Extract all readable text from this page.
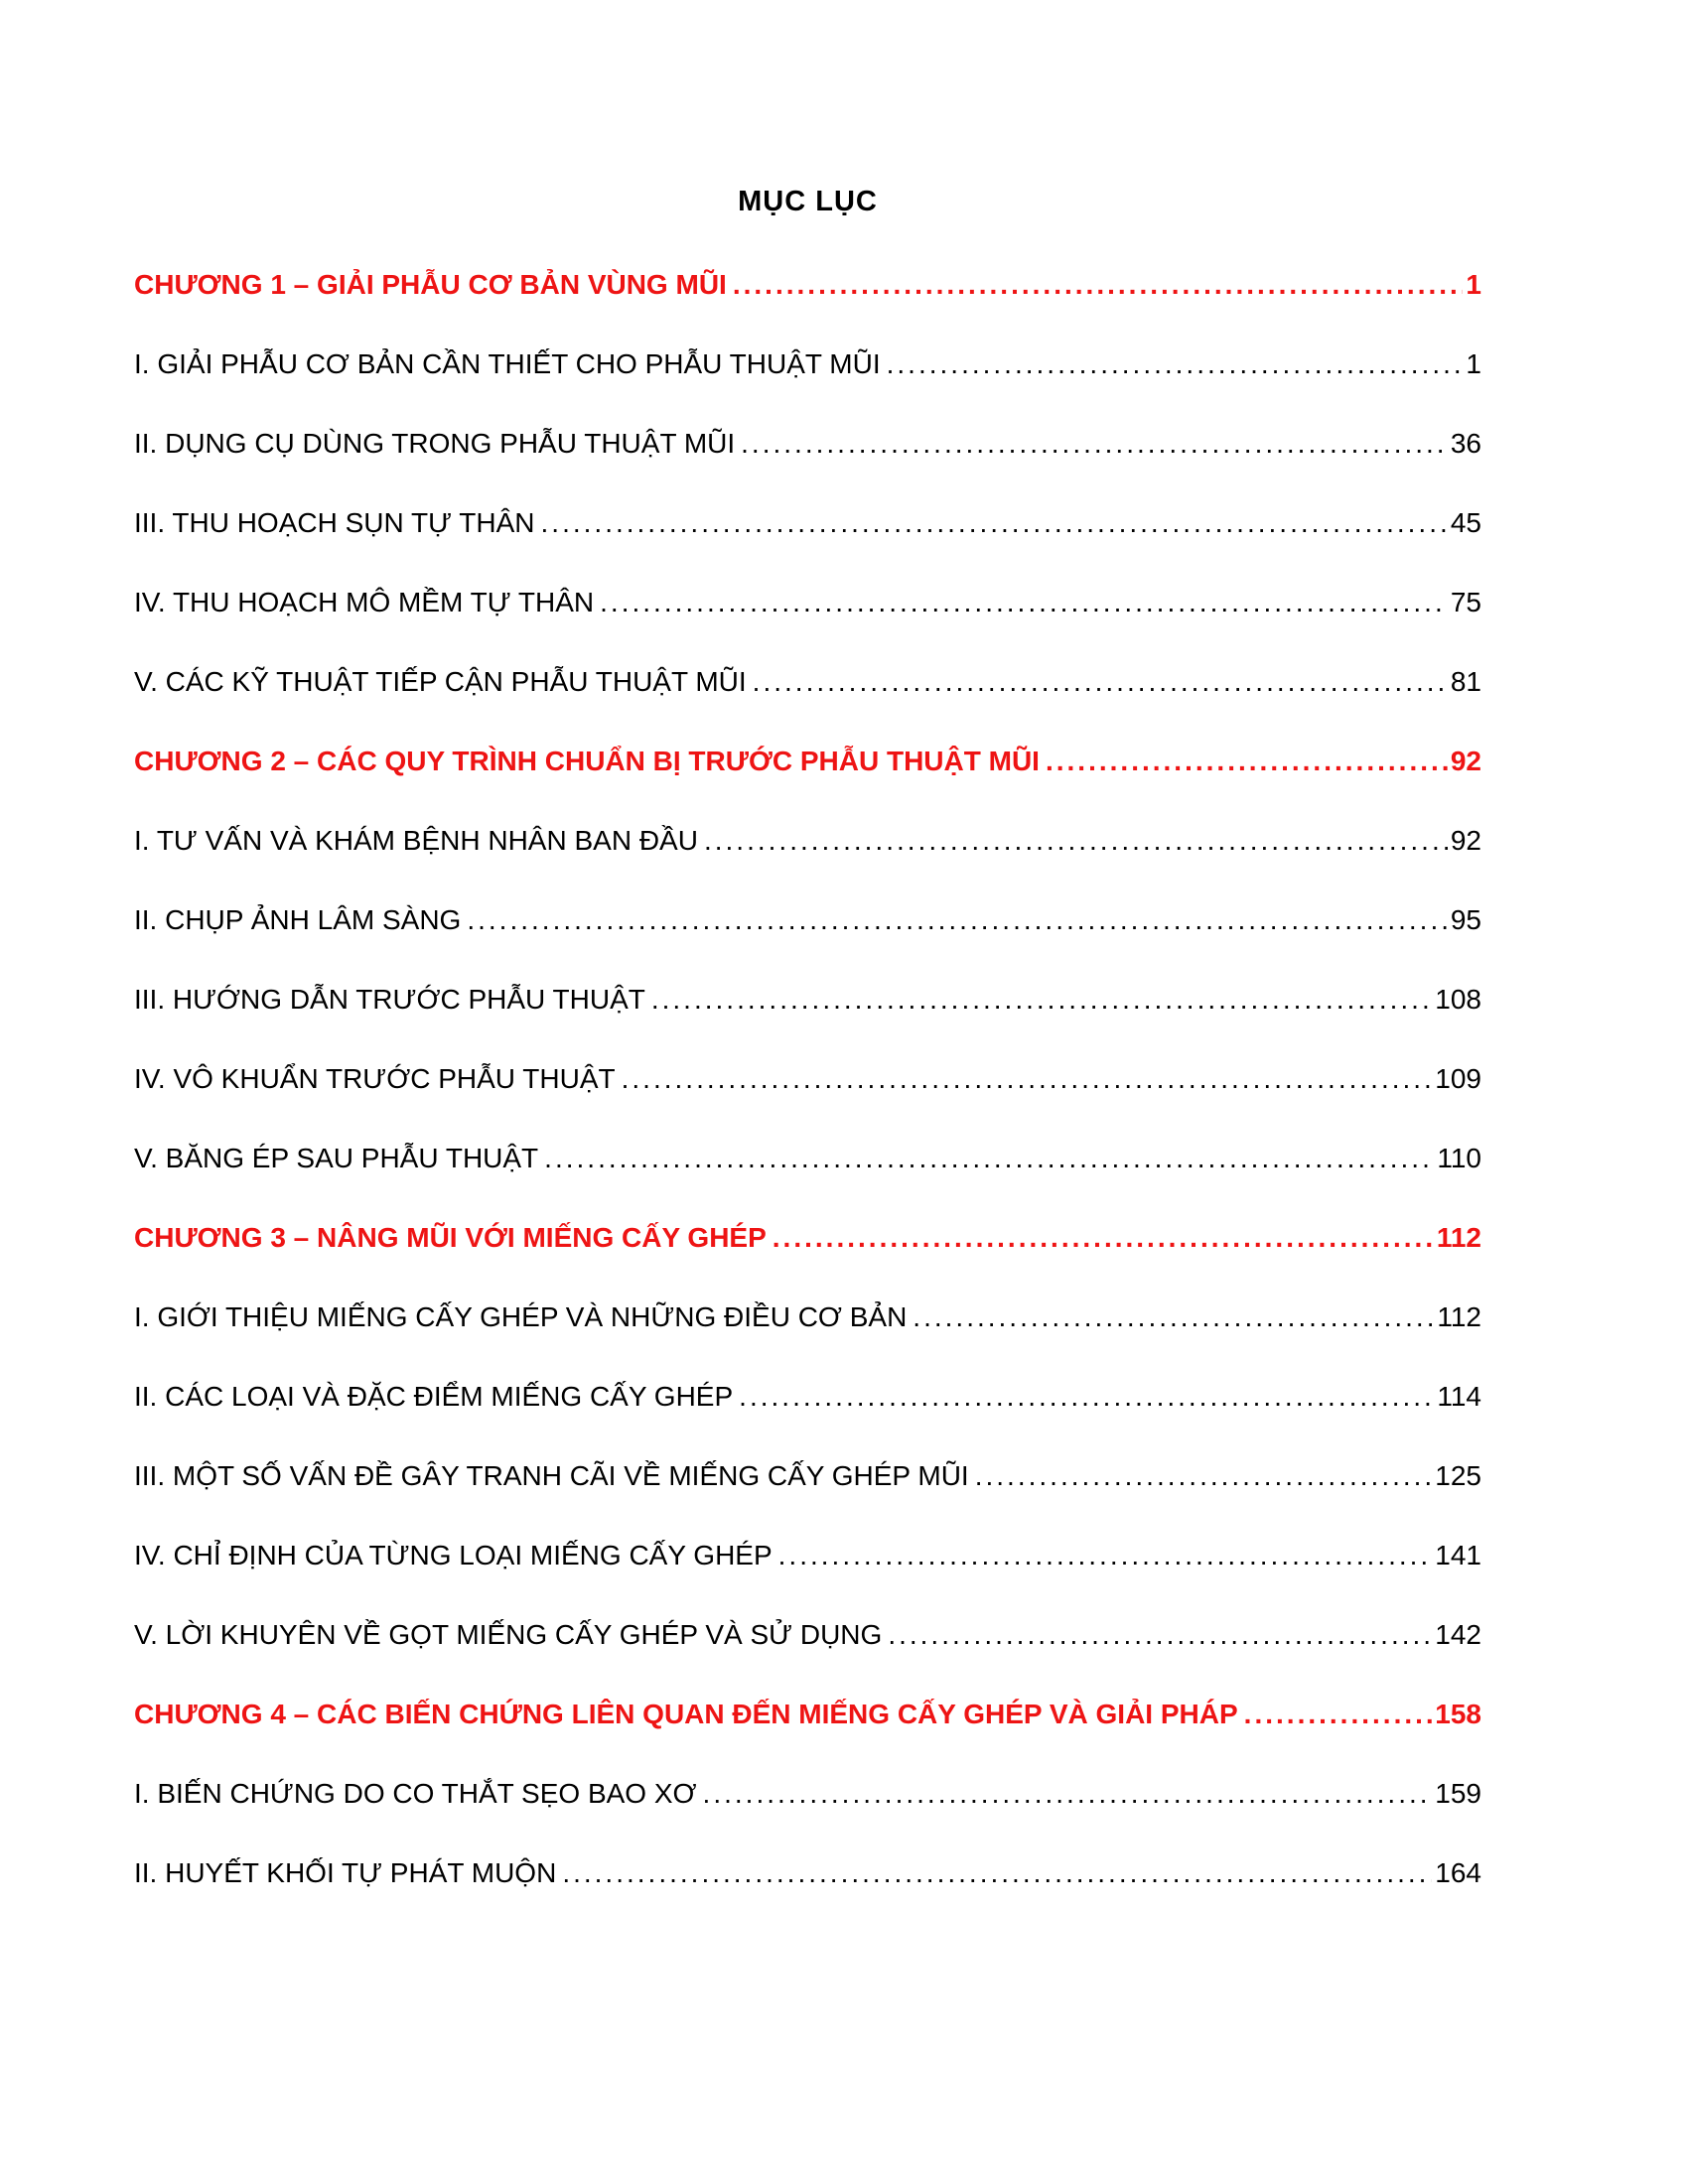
MỤC LỤC
CHƯƠNG 1 – GIẢI PHẪU CƠ BẢN VÙNG MŨI .....	1
I. GIẢI PHẪU CƠ BẢN CẦN THIẾT CHO PHẪU THUẬT MŨI .....	1
II. DỤNG CỤ DÙNG TRONG PHẪU THUẬT MŨI .....	36
III. THU HOẠCH SỤN TỰ THÂN .....	45
IV. THU HOẠCH MÔ MỀM TỰ THÂN .....	75
V. CÁC KỸ THUẬT TIẾP CẬN PHẪU THUẬT MŨI .....	81
CHƯƠNG 2 – CÁC QUY TRÌNH CHUẨN BỊ TRƯỚC PHẪU THUẬT MŨI .....	92
I. TƯ VẤN VÀ KHÁM BỆNH NHÂN BAN ĐẦU .....	92
II. CHỤP ẢNH LÂM SÀNG .....	95
III. HƯỚNG DẪN TRƯỚC PHẪU THUẬT .....	108
IV. VÔ KHUẨN TRƯỚC PHẪU THUẬT .....	109
V. BĂNG ÉP SAU PHẪU THUẬT .....	110
CHƯƠNG 3 – NÂNG MŨI VỚI MIẾNG CẤY GHÉP .....	112
I. GIỚI THIỆU MIẾNG CẤY GHÉP VÀ NHỮNG ĐIỀU CƠ BẢN .....	112
II. CÁC LOẠI VÀ ĐẶC ĐIỂM MIẾNG CẤY GHÉP .....	114
III. MỘT SỐ VẤN ĐỀ GÂY TRANH CÃI VỀ MIẾNG CẤY GHÉP MŨI .....	125
IV. CHỈ ĐỊNH CỦA TỪNG LOẠI MIẾNG CẤY GHÉP .....	141
V. LỜI KHUYÊN VỀ GỌT MIẾNG CẤY GHÉP VÀ SỬ DỤNG .....	142
CHƯƠNG 4 – CÁC BIẾN CHỨNG LIÊN QUAN ĐẾN MIẾNG CẤY GHÉP VÀ GIẢI PHÁP .....	158
I. BIẾN CHỨNG DO CO THẮT SẸO BAO XƠ .....	159
II. HUYẾT KHỐI TỰ PHÁT MUỘN .....	164
